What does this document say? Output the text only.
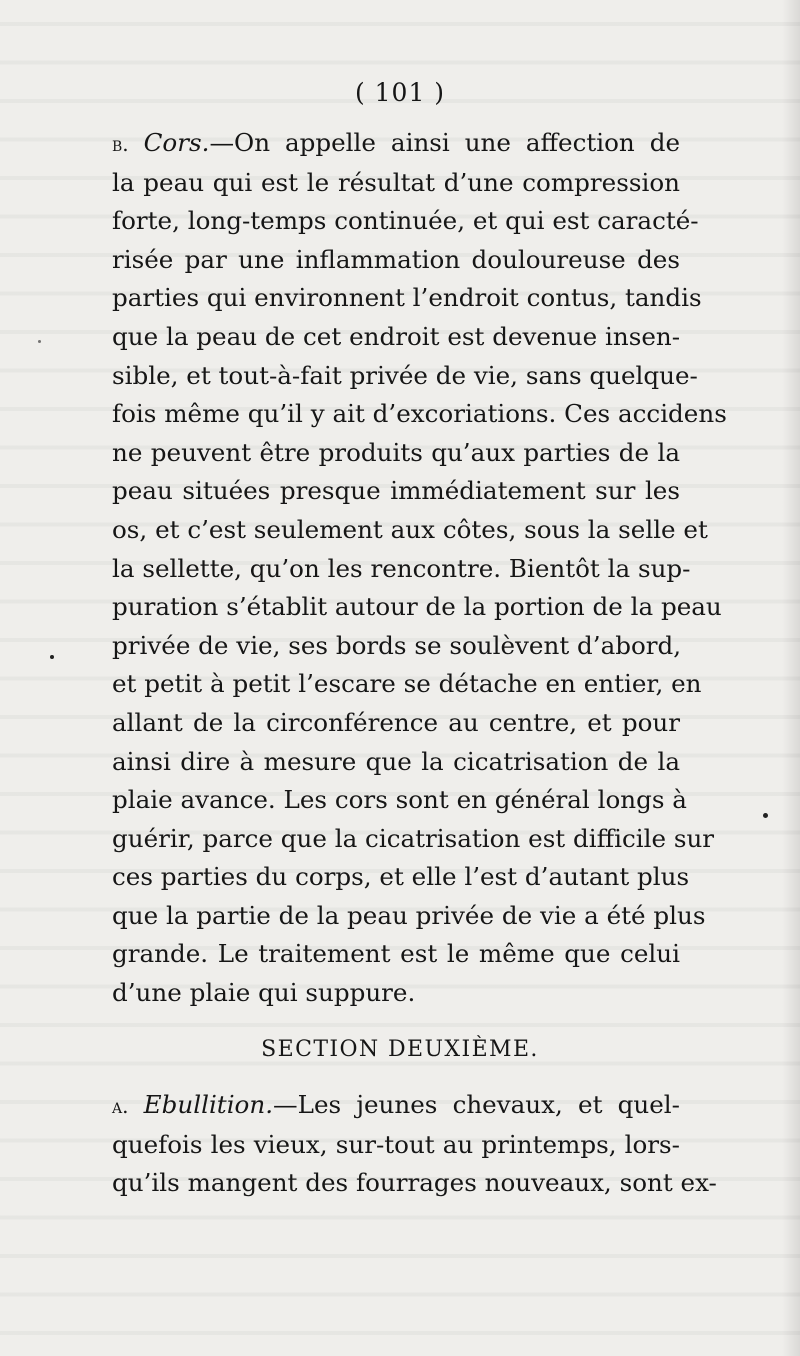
( 101 )
b. Cors.—On appelle ainsi une affection de
la peau qui est le résultat d’une compression
forte, long-temps continuée, et qui est caracté-
risée par une inflammation douloureuse des
parties qui environnent l’endroit contus, tandis
que la peau de cet endroit est devenue insen-
sible, et tout-à-fait privée de vie, sans quelque-
fois même qu’il y ait d’excoriations. Ces accidens
ne peuvent être produits qu’aux parties de la
peau situées presque immédiatement sur les
os, et c’est seulement aux côtes, sous la selle et
la sellette, qu’on les rencontre. Bientôt la sup-
puration s’établit autour de la portion de la peau
privée de vie, ses bords se soulèvent d’abord,
et petit à petit l’escare se détache en entier, en
allant de la circonférence au centre, et pour
ainsi dire à mesure que la cicatrisation de la
plaie avance. Les cors sont en général longs à
guérir, parce que la cicatrisation est difficile sur
ces parties du corps, et elle l’est d’autant plus
que la partie de la peau privée de vie a été plus
grande. Le traitement est le même que celui
d’une plaie qui suppure.
SECTION DEUXIÈME.
a. Ebullition.—Les jeunes chevaux, et quel-
quefois les vieux, sur-tout au printemps, lors-
qu’ils mangent des fourrages nouveaux, sont ex-
